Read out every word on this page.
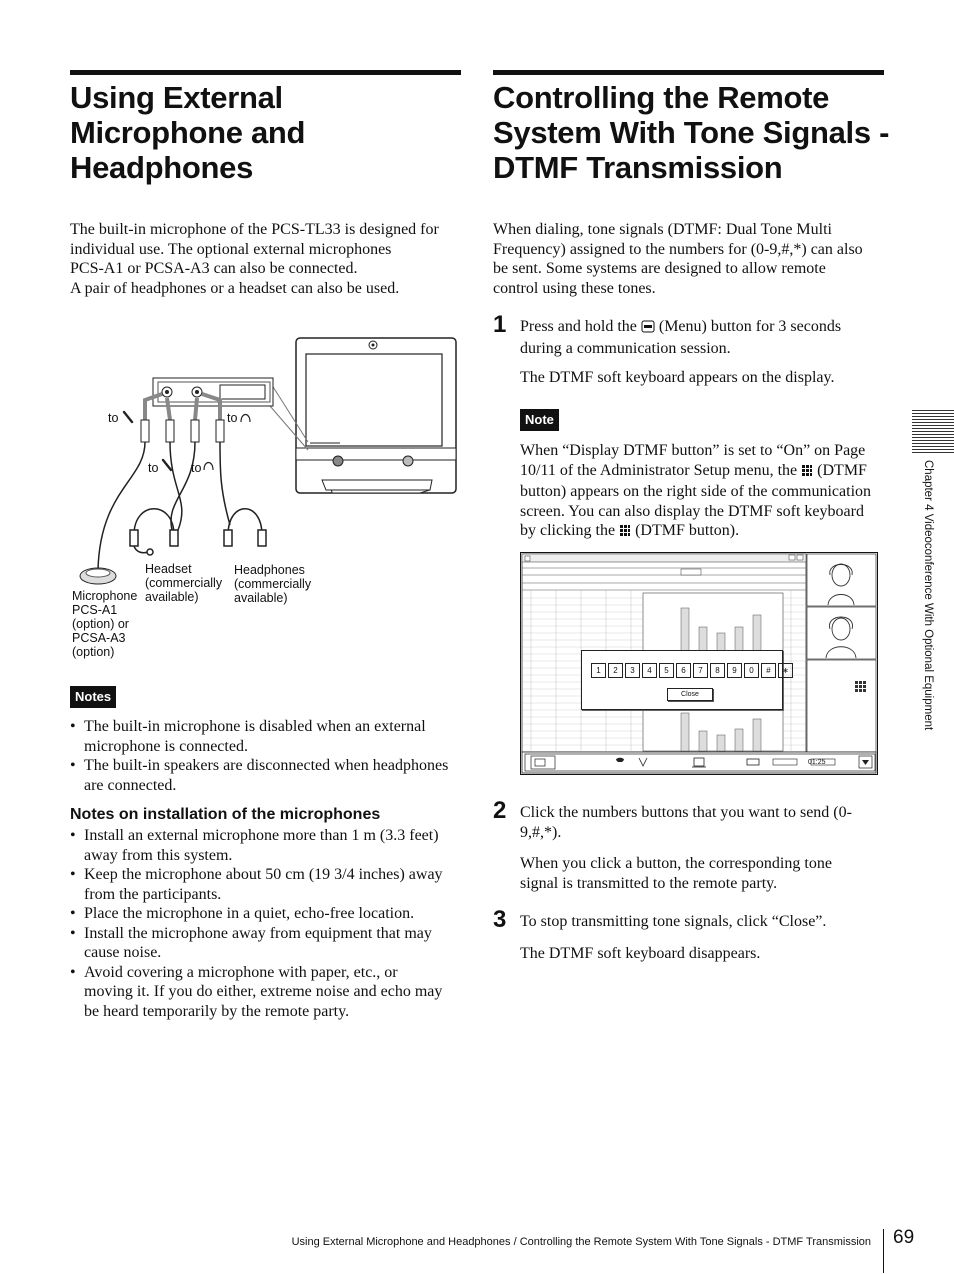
Using External
Microphone and
Headphones

The built-in microphone of the PCS-TL33 is designed for
individual use. The optional external microphones
PCS-A1 or PCSA-A3 can also be connected.
A pair of headphones or a headset can also be used.

to	to
to	to
Headset
(commercially
available)
Headphones
(commercially
available)
Microphone
PCS-A1
(option) or
PCSA-A3
(option)
Notes
• The built-in microphone is disabled when an external
microphone is connected.
• The built-in speakers are disconnected when headphones
are connected.
Notes on installation of the microphones
• Install an external microphone more than 1 m (3.3 feet)
away from this system.
• Keep the microphone about 50 cm (19 3/4 inches) away
from the participants.
• Place the microphone in a quiet, echo-free location.
• Install the microphone away from equipment that may
cause noise.
• Avoid covering a microphone with paper, etc., or
moving it. If you do either, extreme noise and echo may
be heard temporarily by the remote party.
Controlling the Remote
System With Tone Signals -
DTMF Transmission

When dialing, tone signals (DTMF: Dual Tone Multi
Frequency) assigned to the numbers for (0-9,#,*) can also
be sent. Some systems are designed to allow remote
control using these tones.

1 Press and hold the (Menu) button for 3 seconds
during a communication session.

The DTMF soft keyboard appears on the display.

Note

When “Display DTMF button” is set to “On” on Page
10/11 of the Administrator Setup menu, the (DTMF
button) appears on the right side of the communication
screen. You can also display the DTMF soft keyboard
by clicking the (DTMF button).

1	2	3	4	5	6	7	8	9	0	#	∗
Close
01:25
2 Click the numbers buttons that you want to send (0-
9,#,*).

When you click a button, the corresponding tone
signal is transmitted to the remote party.

3 To stop transmitting tone signals, click “Close”.

The DTMF soft keyboard disappears.

Chapter 4 Videoconference With Optional Equipment
Using External Microphone and Headphones / Controlling the Remote System With Tone Signals - DTMF Transmission 69
